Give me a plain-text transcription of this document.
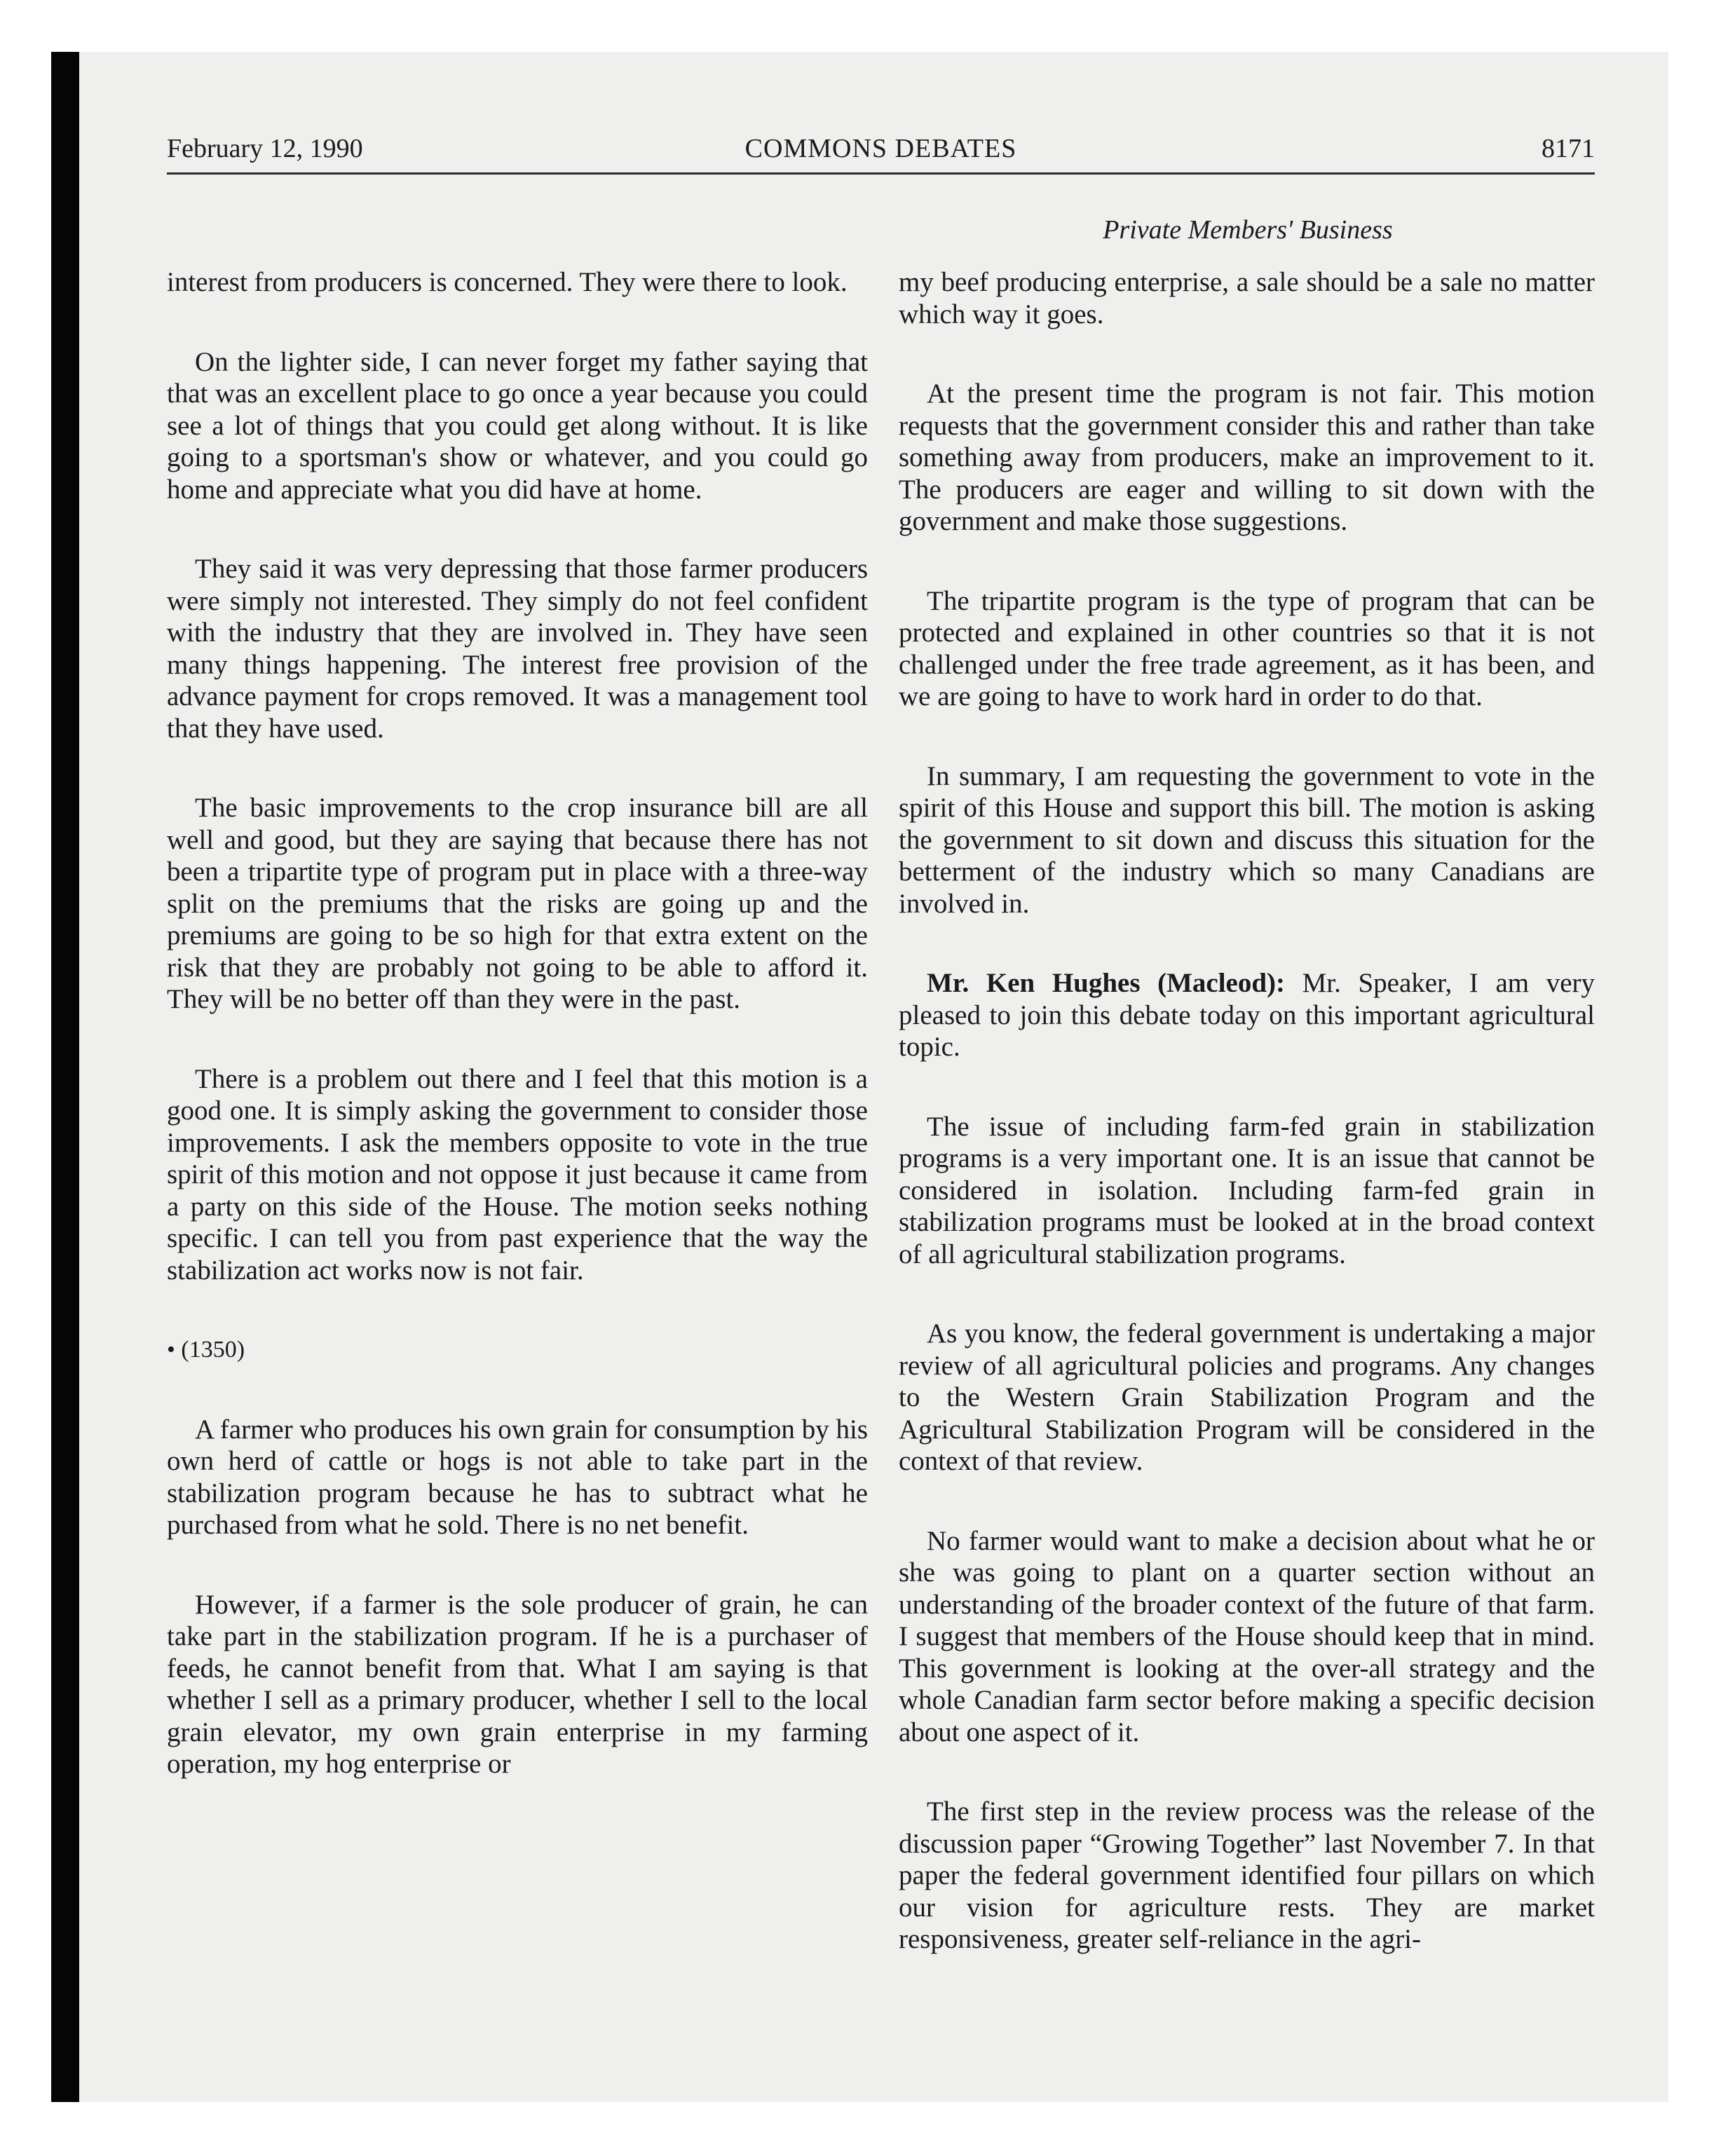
February 12, 1990	COMMONS DEBATES	8171
Private Members' Business

interest from producers is concerned. They were there to look.

On the lighter side, I can never forget my father saying that that was an excellent place to go once a year because you could see a lot of things that you could get along without. It is like going to a sportsman's show or whatever, and you could go home and appreciate what you did have at home.

They said it was very depressing that those farmer producers were simply not interested. They simply do not feel confident with the industry that they are involved in. They have seen many things happening. The interest free provision of the advance payment for crops removed. It was a management tool that they have used.

The basic improvements to the crop insurance bill are all well and good, but they are saying that because there has not been a tripartite type of program put in place with a three-way split on the premiums that the risks are going up and the premiums are going to be so high for that extra extent on the risk that they are probably not going to be able to afford it. They will be no better off than they were in the past.

There is a problem out there and I feel that this motion is a good one. It is simply asking the government to consider those improvements. I ask the members opposite to vote in the true spirit of this motion and not oppose it just because it came from a party on this side of the House. The motion seeks nothing specific. I can tell you from past experience that the way the stabilization act works now is not fair.

• (1350)

A farmer who produces his own grain for consumption by his own herd of cattle or hogs is not able to take part in the stabilization program because he has to subtract what he purchased from what he sold. There is no net benefit.

However, if a farmer is the sole producer of grain, he can take part in the stabilization program. If he is a purchaser of feeds, he cannot benefit from that. What I am saying is that whether I sell as a primary producer, whether I sell to the local grain elevator, my own grain enterprise in my farming operation, my hog enterprise or

my beef producing enterprise, a sale should be a sale no matter which way it goes.

At the present time the program is not fair. This motion requests that the government consider this and rather than take something away from producers, make an improvement to it. The producers are eager and willing to sit down with the government and make those suggestions.

The tripartite program is the type of program that can be protected and explained in other countries so that it is not challenged under the free trade agreement, as it has been, and we are going to have to work hard in order to do that.

In summary, I am requesting the government to vote in the spirit of this House and support this bill. The motion is asking the government to sit down and discuss this situation for the betterment of the industry which so many Canadians are involved in.

Mr. Ken Hughes (Macleod): Mr. Speaker, I am very pleased to join this debate today on this important agricultural topic.

The issue of including farm-fed grain in stabilization programs is a very important one. It is an issue that cannot be considered in isolation. Including farm-fed grain in stabilization programs must be looked at in the broad context of all agricultural stabilization programs.

As you know, the federal government is undertaking a major review of all agricultural policies and programs. Any changes to the Western Grain Stabilization Program and the Agricultural Stabilization Program will be considered in the context of that review.

No farmer would want to make a decision about what he or she was going to plant on a quarter section without an understanding of the broader context of the future of that farm. I suggest that members of the House should keep that in mind. This government is looking at the over-all strategy and the whole Canadian farm sector before making a specific decision about one aspect of it.

The first step in the review process was the release of the discussion paper “Growing Together” last November 7. In that paper the federal government identified four pillars on which our vision for agriculture rests. They are market responsiveness, greater self-reliance in the agri-
